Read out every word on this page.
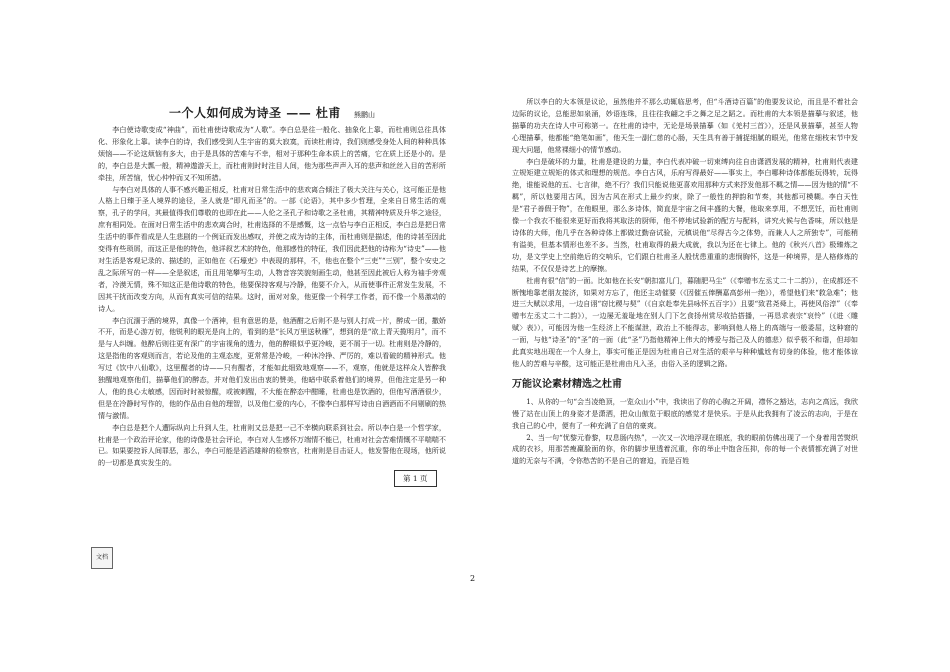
一个人如何成为诗圣 —— 杜甫 熊鹏山

李白使诗歌变成“神曲”，而杜甫使诗歌成为“人歌”。李白总是往一般化、抽象化上靠，而杜甫则总往具体化、形象化上靠。读李白的诗，我们感受到人生宇宙的莫大寂寞，而读杜甫诗，我们则感受身处人间的种种具体烦恼——不论这烦恼有多大，由于是具体的苦难与不幸，相对于那种生命本质上的苦痛，它在质上还是小的。是的，李白总是大瓢一般，精神遨游天上，而杜甫则时时注目人间，他为那些声声入耳的悲声和丝丝入目的苦形所牵挂，所苦恼，忧心仲忡而又不知所措。

与李白对具体的人事不感兴趣正相反，杜甫对日常生活中的悲欢离合倾注了极大关注与关心，这可能正是他人格上日臻于圣人境界的途径，圣人就是“即凡而圣”的。一部《论语》，其中多少哲理，全来自日常生活的观察，孔子的学问，其最值得我们尊敬的也即在此——人伦之圣孔子和诗歌之圣杜甫，其精神特质及升华之途径，庶有相同处。在面对日常生活中的悲欢离合时，杜甫选择的不是感慨，这一点恰与李白正相反，李白总是把日常生活中的事件看成是人生悲剧的一个例证而发出感叹，并使之成为诗的主体，而杜甫则是描述，他的诗甚至因此变得有些琐屑，而这正是他的特色，他详叙艺术的特色，他那感性的特征，我们因此把他的诗称为“诗史”——他对生活是客观记录的、描述的，正如他在《石壕吏》中表现的那样，不，他也在整个“三吏”“三别”，整个安史之乱之际所写的一样——全是叙述，而且用笔攀写生动，人物音容笑貌刻画生动，他甚至因此被后人称为袖手旁观者，冷漠无情，殊不知这正是他诗歌的特色，他要保持客观与冷静，他要不介入，从而使事件正常发生发展，不因其干扰而改变方向，从而有真实可信的结果。这时，面对对象，他更像一个科学工作者，而不像一个易激动的诗人。

李白沉湎于酒的境界，真像一个酒神，但有意思的是，他酒酣之后则不是与别人打成一片，醉成一团，撒娇不开，而是心游万仞，他锐利的眼光是向上的，看到的是“长风万里送秋雁”，想到的是“欲上青天揽明月”，而不是与人纠缠。他醉后则往更有深广的宇宙视角的透力，他的醉眼似乎更冷峻，更不屑于一切。杜甫则是冷静的，这是指他的客观则而言，若论及他的主观态度，更常常是冷峻，一种沐冷挣、严厉的，难以看破的精神形式。他写过《饮中八仙歌》，这里醒者的诗——只有醒者，才能如此细致地观察——不，观察，他就是这样众人皆醉我独醒地观察他们，描摹他们的醉态，并对他们发出由衷的赞美，他暗中联系着他们的境界，但他注定是另一种人，他的良心太敏感，因而时时被惊醒，或被刺醒，不大能在醉态中酣睡，杜甫也是饮酒的，但他写酒酒很少，但是在冷静时写作的，他的作品由自他的理智，以及他仁爱的内心，不像李白那样写诗由自酒酒而不问剔刷的热情与激情。

李白总是把个人遭际纵向上升到人生，杜甫则又总是把一己不幸横向联系到社会。所以李白是一个哲学家，杜甫是一个政治评论家，他的诗像是社会评论，李白对人生感怀万端情不能已，杜甫对社会苦难情慨不平喘喘不已。如果要控诉人间罪恶，那么，李白可能是滔滔雄辩的检察官，杜甫则是目击证人，他发誓他在现场，他所说的一切都是真实发生的。

所以李白的大本领是议论，虽然他并不那么动辄临思考，但“斗酒诗百篇”的他要发议论，而且是不着社会边际的议论，总能思如泉涌，妙语连珠，且往往我翩之手之舞之足之蹈之。而杜甫的大本领是描摹与叙述，他描摹的功夫在诗人中可称第一。在杜甫的诗中，无论是场景描摹（如《羌村三首》），还是风景描摹，甚至人物心理描摹，他都能“绝笔如画”，他天生一副仁慈的心肠，天生具有善于捕捉细腻的眼光，他常在细枝末节中发现大问题，他常裸细小的情节感动。

李白是破坏的力量，杜甫是建设的力量，李白代表冲破一切束缚向往自由潇洒发展的精神，杜甫则代表建立规矩建立规矩的体式和理想的规范。李白古风，乐府写得最好——事实上，李白哪种诗体都能玩得转，玩得绝，谁能说他的五、七言律，绝不行？我们只能说他更喜欢用那种方式来抒发他那不羁之情——因为他的情“不羁”，所以他要用古风，因为古风在形式上最少约束，除了一般性的押韵和节奏，其他都可模糊。李白天性是“君子善假于物”，在他眼里，那么多诗体，简直是宇宙之间丰盛的大餐，他取来享用，不想烹饪，而杜甫则像一个我衣不能很来更好而我将其取法的厨师，他不停地试验新的配方与配料，讲究火候与色香味，所以他是诗体的大师，他几乎在各种诗体上都做过勤奋试验，元稹说他“尽得古今之体势，而兼人人之所独专”，可能稍有溢美，但基本情形也差不多。当然，杜甫取得的最大成就，我以为还在七律上。他的《秋兴八首》极臻炼之功，是文学史上空前绝后的交响乐，它们跟白杜甫圣人般忧患重重的悲悯胸怀，这是一种境界，是人格修炼的结果，不仅仅是诗艺上的摩擦。

杜甫有很“信”的一面。比如他在长安“朝扣富儿门，暮随肥马尘”（《奉赠韦左丞丈二十二韵》），在成都还不断愧地靠老朋友接济，如果对方忘了，他还主动催要（《因催五俸酬嘉高彭州一绝》），希望他们来“救急难”；他进三大赋以求用，一边自诩“窃比稷与契”（《自京赴奉先县咏怀五百字》）且要“致君尧舜上，再使风俗淳”（《奉赠韦左丞丈二十二韵》），一边屡无羞耻地在别人门下乞食扬州赏尽收拾搭播，一再恳求表宗“哀怜”（《进〈雕赋〉表》），可能因为他一生经济上不能谋泄，政治上不能得志，影响到他人格上的高端与一般委屈，这种窘的一面，与他“诗圣”的“圣”的一面（此“圣”乃指他精神上伟大的博爱与指己及人的德悲）似乎极不和谐，但却如此真实地出现在一个人身上，事实可能正是因为杜甫自己对生活的艰辛与种种尴尬有切身的体验，他才能体谅他人的苦难与辛酸，这可能正是杜甫由凡入圣，由俗入圣的逻辑之路。

万能议论素材精选之杜甫

1、从你的一句“会当凌绝顶，一览众山小”中，我读出了你的心胸之开阔，襟怀之豁达，志向之高远，我欣慢了站在山顶上的身姿才是潇洒，把众山傲览于眼底的感觉才是快乐。于是从此我拥有了凌云的志向，于是在我自己的心中，便有了一种充满了自信的豪爽。

2、当一句“忧黎元眷黎，叹息肠内热”，一次又一次地浮现在眼底，我的眼前仿佛出现了一个身着用苦熨织成的衣衫，用那苦瘦羸脸面的你，你的脚步里透着沉重，你的举止中饱含压抑，你的每一个表情都充满了对世道的无奈与不满，令你愁苦的不是自己的窘迫，而是百姓

第 1 页
文档
2
